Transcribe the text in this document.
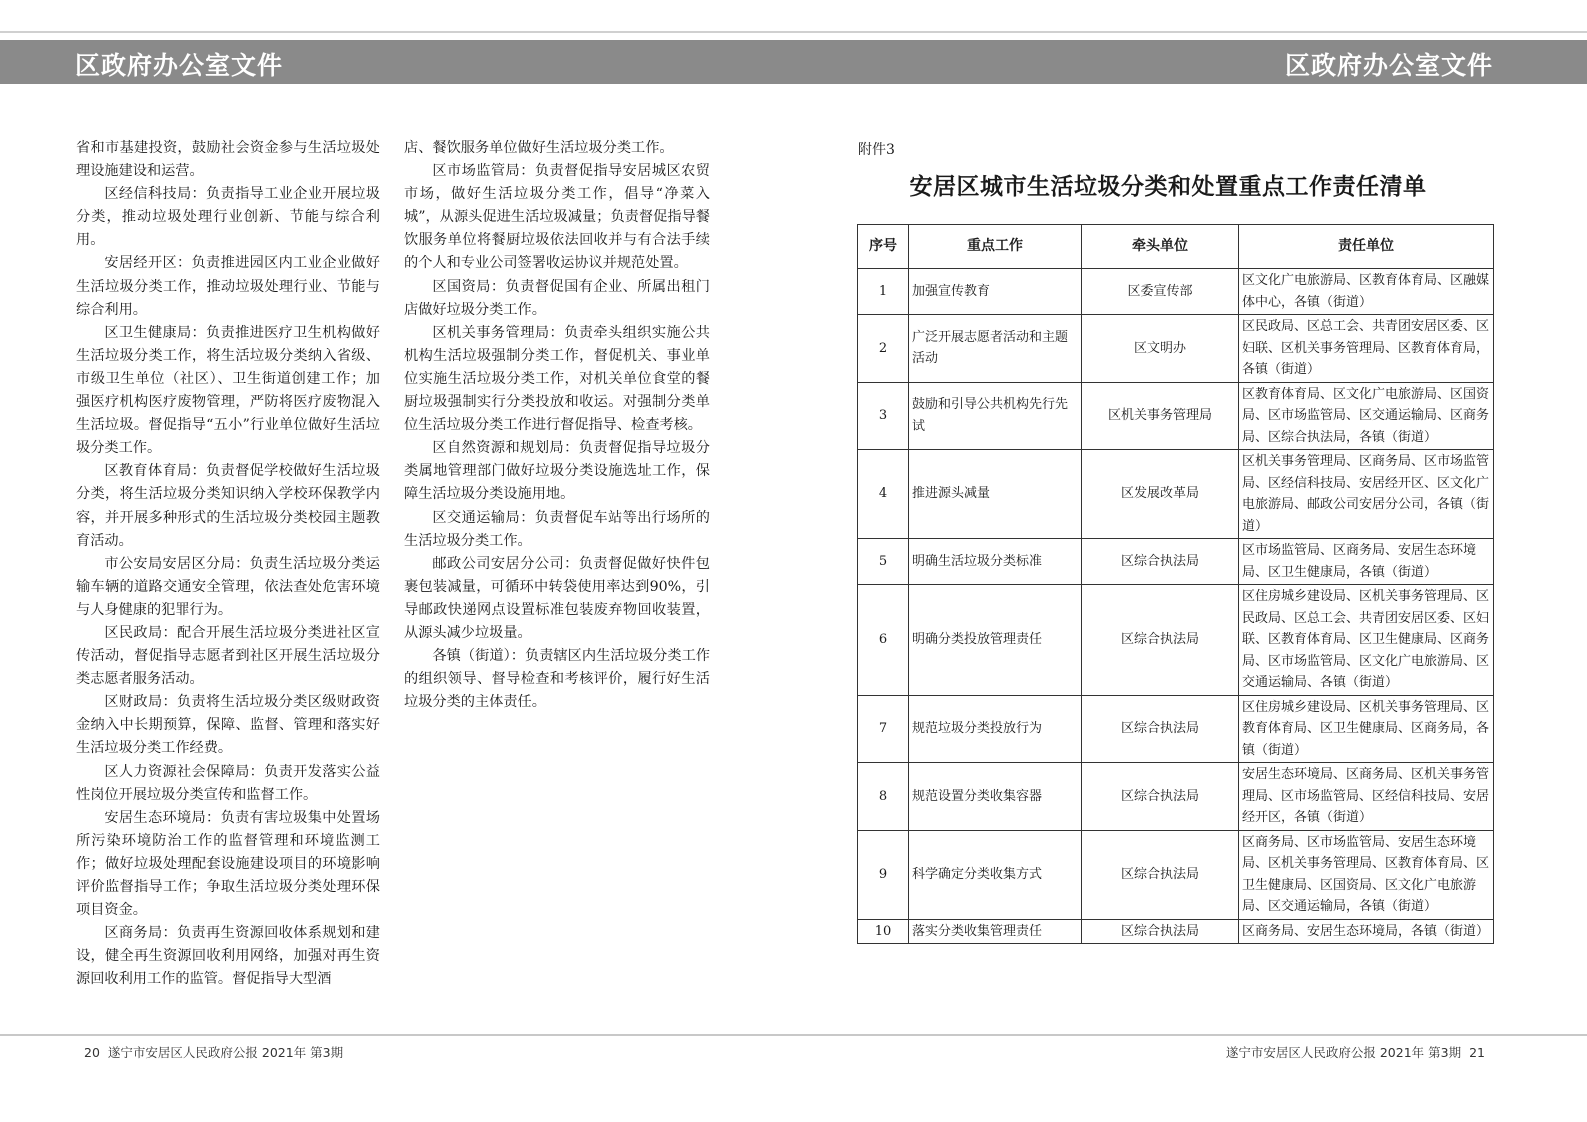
区政府办公室文件	区政府办公室文件

省和市基建投资，鼓励社会资金参与生活垃圾处理设施建设和运营。

区经信科技局：负责指导工业企业开展垃圾分类，推动垃圾处理行业创新、节能与综合利用。

安居经开区：负责推进园区内工业企业做好生活垃圾分类工作，推动垃圾处理行业、节能与综合利用。

区卫生健康局：负责推进医疗卫生机构做好生活垃圾分类工作，将生活垃圾分类纳入省级、市级卫生单位（社区）、卫生街道创建工作；加强医疗机构医疗废物管理，严防将医疗废物混入生活垃圾。督促指导“五小”行业单位做好生活垃圾分类工作。

区教育体育局：负责督促学校做好生活垃圾分类，将生活垃圾分类知识纳入学校环保教学内容，并开展多种形式的生活垃圾分类校园主题教育活动。

市公安局安居区分局：负责生活垃圾分类运输车辆的道路交通安全管理，依法查处危害环境与人身健康的犯罪行为。

区民政局：配合开展生活垃圾分类进社区宣传活动，督促指导志愿者到社区开展生活垃圾分类志愿者服务活动。

区财政局：负责将生活垃圾分类区级财政资金纳入中长期预算，保障、监督、管理和落实好生活垃圾分类工作经费。

区人力资源社会保障局：负责开发落实公益性岗位开展垃圾分类宣传和监督工作。

安居生态环境局：负责有害垃圾集中处置场所污染环境防治工作的监督管理和环境监测工作；做好垃圾处理配套设施建设项目的环境影响评价监督指导工作；争取生活垃圾分类处理环保项目资金。

区商务局：负责再生资源回收体系规划和建设，健全再生资源回收利用网络，加强对再生资源回收利用工作的监管。督促指导大型酒

店、餐饮服务单位做好生活垃圾分类工作。

区市场监管局：负责督促指导安居城区农贸市场，做好生活垃圾分类工作，倡导“净菜入城”，从源头促进生活垃圾减量；负责督促指导餐饮服务单位将餐厨垃圾依法回收并与有合法手续的个人和专业公司签署收运协议并规范处置。

区国资局：负责督促国有企业、所属出租门店做好垃圾分类工作。

区机关事务管理局：负责牵头组织实施公共机构生活垃圾强制分类工作，督促机关、事业单位实施生活垃圾分类工作，对机关单位食堂的餐厨垃圾强制实行分类投放和收运。对强制分类单位生活垃圾分类工作进行督促指导、检查考核。

区自然资源和规划局：负责督促指导垃圾分类属地管理部门做好垃圾分类设施选址工作，保障生活垃圾分类设施用地。

区交通运输局：负责督促车站等出行场所的生活垃圾分类工作。

邮政公司安居分公司：负责督促做好快件包裹包装减量，可循环中转袋使用率达到90%，引导邮政快递网点设置标准包装废弃物回收装置，从源头减少垃圾量。

各镇（街道）：负责辖区内生活垃圾分类工作的组织领导、督导检查和考核评价，履行好生活垃圾分类的主体责任。

附件3

安居区城市生活垃圾分类和处置重点工作责任清单
序号	重点工作	牵头单位	责任单位
1	加强宣传教育	区委宣传部	区文化广电旅游局、区教育体育局、区融媒体中心，各镇（街道）
2	广泛开展志愿者活动和主题活动	区文明办	区民政局、区总工会、共青团安居区委、区妇联、区机关事务管理局、区教育体育局，各镇（街道）
3	鼓励和引导公共机构先行先试	区机关事务管理局	区教育体育局、区文化广电旅游局、区国资局、区市场监管局、区交通运输局、区商务局、区综合执法局，各镇（街道）
4	推进源头减量	区发展改革局	区机关事务管理局、区商务局、区市场监管局、区经信科技局、安居经开区、区文化广电旅游局、邮政公司安居分公司，各镇（街道）
5	明确生活垃圾分类标准	区综合执法局	区市场监管局、区商务局、安居生态环境局、区卫生健康局，各镇（街道）
6	明确分类投放管理责任	区综合执法局	区住房城乡建设局、区机关事务管理局、区民政局、区总工会、共青团安居区委、区妇联、区教育体育局、区卫生健康局、区商务局、区市场监管局、区文化广电旅游局、区交通运输局、各镇（街道）
7	规范垃圾分类投放行为	区综合执法局	区住房城乡建设局、区机关事务管理局、区教育体育局、区卫生健康局、区商务局，各镇（街道）
8	规范设置分类收集容器	区综合执法局	安居生态环境局、区商务局、区机关事务管理局、区市场监管局、区经信科技局、安居经开区，各镇（街道）
9	科学确定分类收集方式	区综合执法局	区商务局、区市场监管局、安居生态环境局、区机关事务管理局、区教育体育局、区卫生健康局、区国资局、区文化广电旅游局、区交通运输局，各镇（街道）
10	落实分类收集管理责任	区综合执法局	区商务局、安居生态环境局，各镇（街道）

20 遂宁市安居区人民政府公报 2021年 第3期	遂宁市安居区人民政府公报 2021年 第3期 21
